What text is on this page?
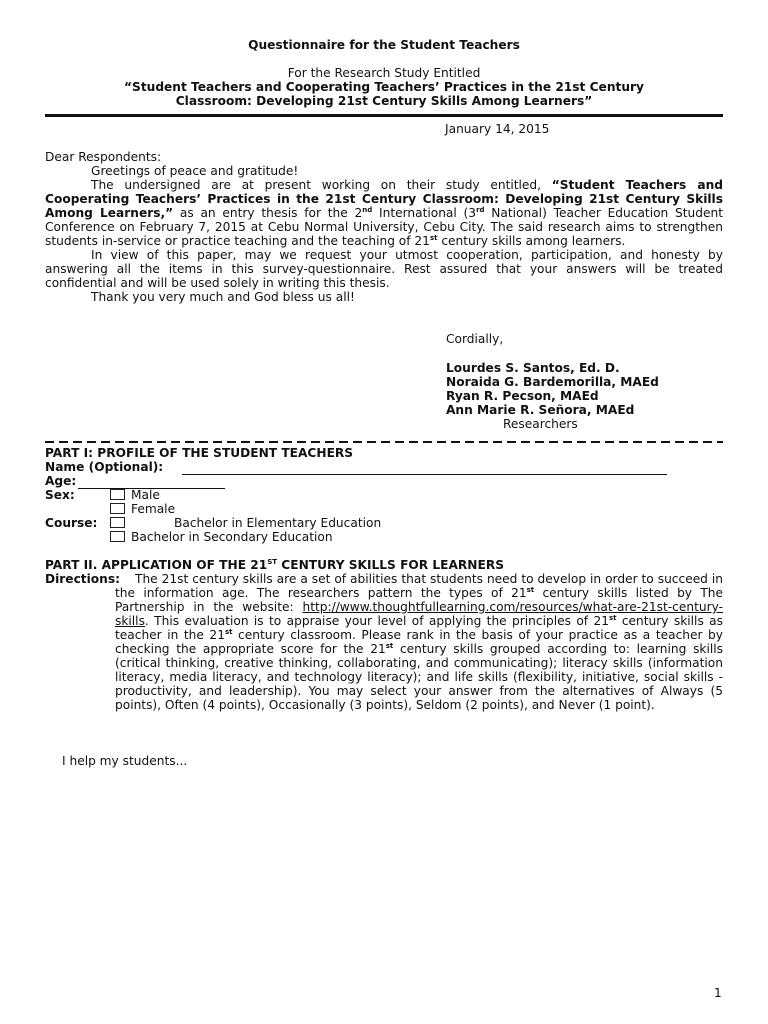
Questionnaire for the Student Teachers
For the Research Study Entitled
“Student Teachers and Cooperating Teachers’ Practices in the 21st Century
Classroom: Developing 21st Century Skills Among Learners”
January 14, 2015

Dear Respondents:

Greetings of peace and gratitude!

The undersigned are at present working on their study entitled, “Student Teachers and Cooperating Teachers’ Practices in the 21st Century Classroom: Developing 21st Century Skills Among Learners,” as an entry thesis for the 2nd International (3rd National) Teacher Education Student Conference on February 7, 2015 at Cebu Normal University, Cebu City. The said research aims to strengthen students in-service or practice teaching and the teaching of 21st century skills among learners.

In view of this paper, may we request your utmost cooperation, participation, and honesty by answering all the items in this survey-questionnaire. Rest assured that your answers will be treated confidential and will be used solely in writing this thesis.

Thank you very much and God bless us all!

Cordially,
Lourdes S. Santos, Ed. D.
Noraida G. Bardemorilla, MAEd
Ryan R. Pecson, MAEd
Ann Marie R. Señora, MAEd
Researchers
PART I: PROFILE OF THE STUDENT TEACHERS
Name (Optional):
Age:
Sex:	Male
Female
Course:	Bachelor in Elementary Education
Bachelor in Secondary Education
PART II. APPLICATION OF THE 21ST CENTURY SKILLS FOR LEARNERS
Directions:	The 21st century skills are a set of abilities that students need to develop in order to succeed in the information age. The researchers pattern the types of 21st century skills listed by The Partnership in the website: http://www.thoughtfullearning.com/resources/what-are-21st-century-skills. This evaluation is to appraise your level of applying the principles of 21st century skills as teacher in the 21st century classroom. Please rank in the basis of your practice as a teacher by checking the appropriate score for the 21st century skills grouped according to: learning skills (critical thinking, creative thinking, collaborating, and communicating); literacy skills (information literacy, media literacy, and technology literacy); and life skills (flexibility, initiative, social skills - productivity, and leadership). You may select your answer from the alternatives of Always (5 points), Often (4 points), Occasionally (3 points), Seldom (2 points), and Never (1 point).
I help my students...
1
